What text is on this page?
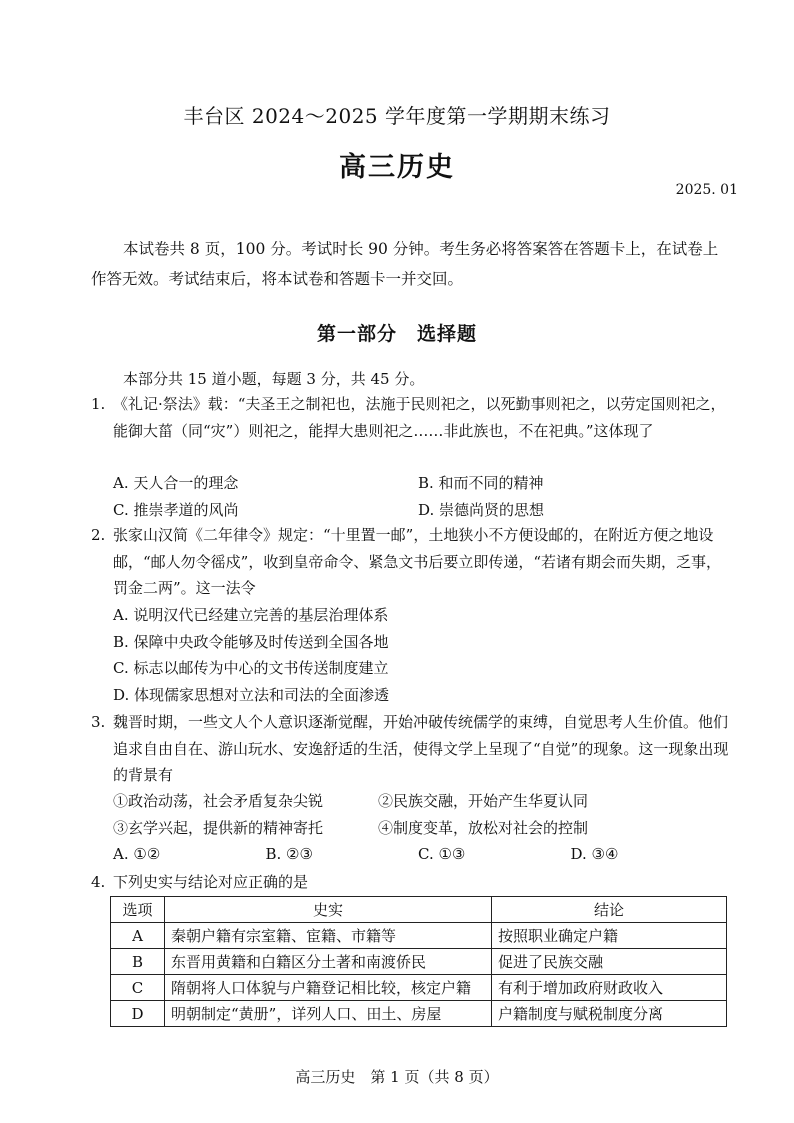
丰台区 2024～2025 学年度第一学期期末练习
高三历史
2025. 01
本试卷共 8 页，100 分。考试时长 90 分钟。考生务必将答案答在答题卡上，在试卷上作答无效。考试结束后，将本试卷和答题卡一并交回。
第一部分　选择题
本部分共 15 道小题，每题 3 分，共 45 分。
1. 《礼记·祭法》载：“夫圣王之制祀也，法施于民则祀之，以死勤事则祀之，以劳定国则祀之，能御大菑（同“灾”）则祀之，能捍大患则祀之……非此族也，不在祀典。”这体现了
A. 天人合一的理念	B. 和而不同的精神
C. 推崇孝道的风尚	D. 崇德尚贤的思想
2. 张家山汉简《二年律令》规定：“十里置一邮”，土地狭小不方便设邮的，在附近方便之地设邮，“邮人勿令徭戍”，收到皇帝命令、紧急文书后要立即传递，“若诸有期会而失期，乏事，罚金二两”。这一法令
A. 说明汉代已经建立完善的基层治理体系
B. 保障中央政令能够及时传送到全国各地
C. 标志以邮传为中心的文书传送制度建立
D. 体现儒家思想对立法和司法的全面渗透
3. 魏晋时期，一些文人个人意识逐渐觉醒，开始冲破传统儒学的束缚，自觉思考人生价值。他们追求自由自在、游山玩水、安逸舒适的生活，使得文学上呈现了“自觉”的现象。这一现象出现的背景有
①政治动荡，社会矛盾复杂尖锐	②民族交融，开始产生华夏认同
③玄学兴起，提供新的精神寄托	④制度变革，放松对社会的控制
A. ①②	B. ②③	C. ①③	D. ③④
4. 下列史实与结论对应正确的是
选项	史实	结论
A	秦朝户籍有宗室籍、宦籍、市籍等	按照职业确定户籍
B	东晋用黄籍和白籍区分土著和南渡侨民	促进了民族交融
C	隋朝将人口体貌与户籍登记相比较，核定户籍	有利于增加政府财政收入
D	明朝制定“黄册”，详列人口、田土、房屋	户籍制度与赋税制度分离
高三历史　第 1 页（共 8 页）
